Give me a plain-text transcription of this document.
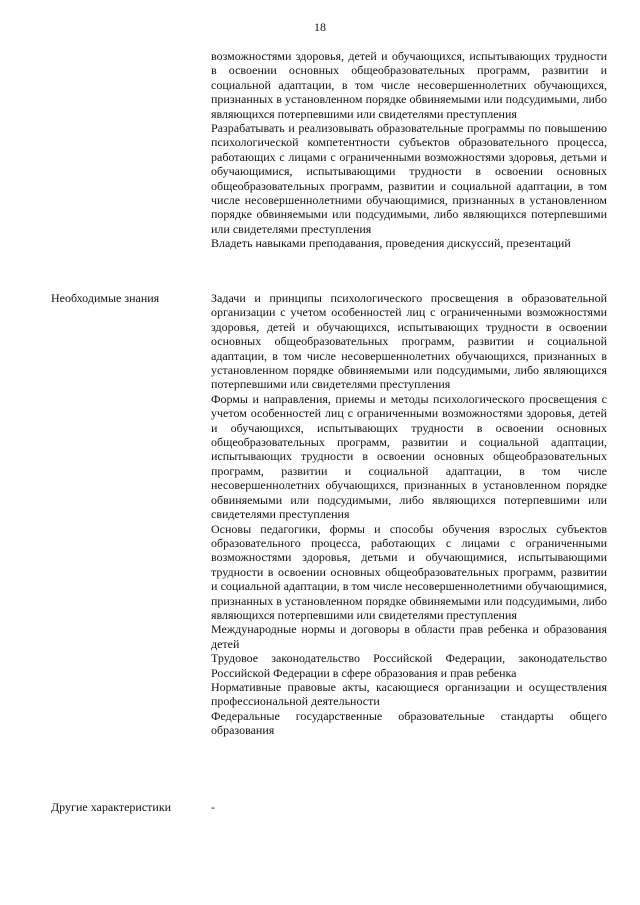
18

возможностями здоровья, детей и обучающихся, испытывающих трудности в освоении основных общеобразовательных программ, развитии и социальной адаптации, в том числе несовершеннолетних обучающихся, признанных в установленном порядке обвиняемыми или подсудимыми, либо являющихся потерпевшими или свидетелями преступления

Разрабатывать и реализовывать образовательные программы по повышению психологической компетентности субъектов образовательного процесса, работающих с лицами с ограниченными возможностями здоровья, детьми и обучающимися, испытывающими трудности в освоении основных общеобразовательных программ, развитии и социальной адаптации, в том числе несовершеннолетними обучающимися, признанных в установленном порядке обвиняемыми или подсудимыми, либо являющихся потерпевшими или свидетелями преступления

Владеть навыками преподавания, проведения дискуссий, презентаций

Необходимые знания	Задачи и принципы психологического просвещения в образовательной организации с учетом особенностей лиц с ограниченными возможностями здоровья, детей и обучающихся, испытывающих трудности в освоении основных общеобразовательных программ, развитии и социальной адаптации, в том числе несовершеннолетних обучающихся, признанных в установленном порядке обвиняемыми или подсудимыми, либо являющихся потерпевшими или свидетелями преступления

Формы и направления, приемы и методы психологического просвещения с учетом особенностей лиц с ограниченными возможностями здоровья, детей и обучающихся, испытывающих трудности в освоении основных общеобразовательных программ, развитии и социальной адаптации, испытывающих трудности в освоении основных общеобразовательных программ, развитии и социальной адаптации, в том числе несовершеннолетних обучающихся, признанных в установленном порядке обвиняемыми или подсудимыми, либо являющихся потерпевшими или свидетелями преступления

Основы педагогики, формы и способы обучения взрослых субъектов образовательного процесса, работающих с лицами с ограниченными возможностями здоровья, детьми и обучающимися, испытывающими трудности в освоении основных общеобразовательных программ, развитии и социальной адаптации, в том числе несовершеннолетними обучающимися, признанных в установленном порядке обвиняемыми или подсудимыми, либо являющихся потерпевшими или свидетелями преступления

Международные нормы и договоры в области прав ребенка и образования детей

Трудовое законодательство Российской Федерации, законодательство Российской Федерации в сфере образования и прав ребенка

Нормативные правовые акты, касающиеся организации и осуществления профессиональной деятельности

Федеральные государственные образовательные стандарты общего образования

Другие характеристики	-
